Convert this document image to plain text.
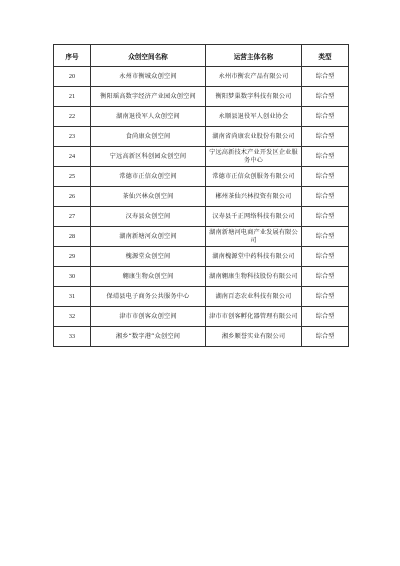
序号	众创空间名称	运营主体名称	类型
20	永州市衡城众创空间	永州市衡农产品有限公司	综合型
21	衡阳瑶高数字经济产业园众创空间	衡阳梦巢数字科技有限公司	综合型
22	湖南退役军人众创空间	永顺县退役军人创业协会	综合型
23	食尚康众创空间	湖南省尚康农业股份有限公司	综合型
24	宁远高新区科创园众创空间	宁远高新技术产业开发区企业服务中心	综合型
25	常德市正信众创空间	常德市正信众创服务有限公司	综合型
26	茶仙兴林众创空间	郴州茶仙兴林投资有限公司	综合型
27	汉寿县众创空间	汉寿县千正网络科技有限公司	综合型
28	湖南新塘河众创空间	湖南新塘河电商产业发展有限公司	综合型
29	槐源堂众创空间	湖南槐源堂中药科技有限公司	综合型
30	翱康生物众创空间	湖南翱康生物科技股份有限公司	综合型
31	保靖县电子商务公共服务中心	湖南百态农业科技有限公司	综合型
32	津市市创客众创空间	津市市创客孵化器管理有限公司	综合型
33	湘乡“数字港”众创空间	湘乡顺誉实业有限公司	综合型
